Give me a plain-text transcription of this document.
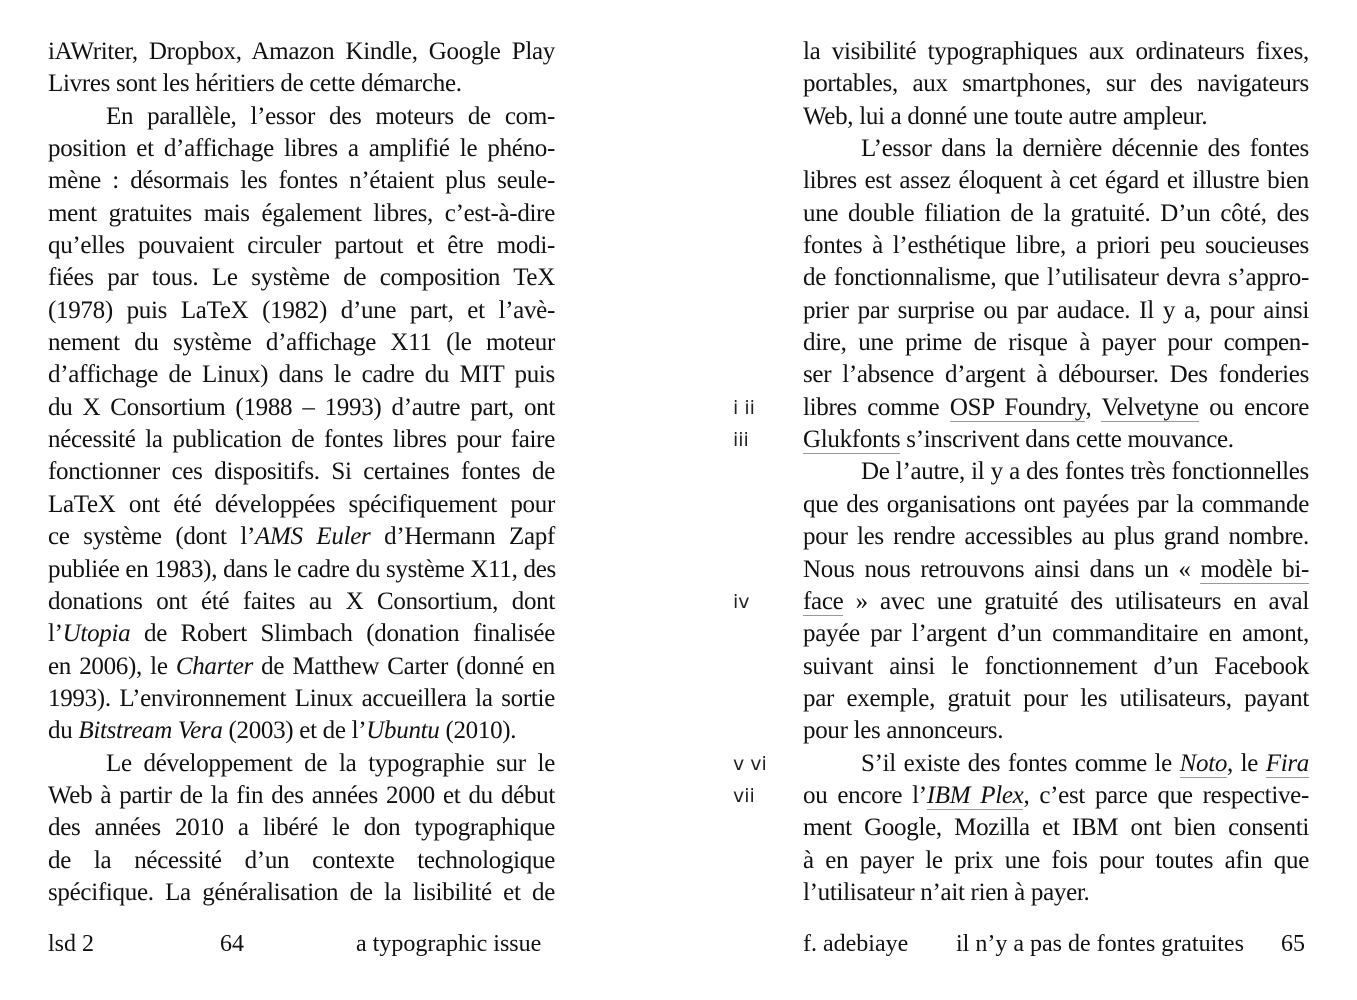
iAWriter, Dropbox, Amazon Kindle, Google Play
Livres sont les héritiers de cette démarche.
En parallèle, l’essor des moteurs de com-
position et d’affichage libres a amplifié le phéno-
mène : désormais les fontes n’étaient plus seule-
ment gratuites mais également libres, c’est-à-dire
qu’elles pouvaient circuler partout et être modi-
fiées par tous. Le système de composition TeX
(1978) puis LaTeX (1982) d’une part, et l’avè-
nement du système d’affichage X11 (le moteur
d’affichage de Linux) dans le cadre du MIT puis
du X Consortium (1988 – 1993) d’autre part, ont
nécessité la publication de fontes libres pour faire
fonctionner ces dispositifs. Si certaines fontes de
LaTeX ont été développées spécifiquement pour
ce système (dont l’AMS Euler d’Hermann Zapf
publiée en 1983), dans le cadre du système X11, des
donations ont été faites au X Consortium, dont
l’Utopia de Robert Slimbach (donation finalisée
en 2006), le Charter de Matthew Carter (donné en
1993). L’environnement Linux accueillera la sortie
du Bitstream Vera (2003) et de l’Ubuntu (2010).
Le développement de la typographie sur le
Web à partir de la fin des années 2000 et du début
des années 2010 a libéré le don typographique
de la nécessité d’un contexte technologique
spécifique. La généralisation de la lisibilité et de
la visibilité typographiques aux ordinateurs fixes,
portables, aux smartphones, sur des navigateurs
Web, lui a donné une toute autre ampleur.
L’essor dans la dernière décennie des fontes
libres est assez éloquent à cet égard et illustre bien
une double filiation de la gratuité. D’un côté, des
fontes à l’esthétique libre, a priori peu soucieuses
de fonctionnalisme, que l’utilisateur devra s’appro-
prier par surprise ou par audace. Il y a, pour ainsi
dire, une prime de risque à payer pour compen-
ser l’absence d’argent à débourser. Des fonderies
libres comme OSP Foundry, Velvetyne ou encore
Glukfonts s’inscrivent dans cette mouvance.
De l’autre, il y a des fontes très fonctionnelles
que des organisations ont payées par la commande
pour les rendre accessibles au plus grand nombre.
Nous nous retrouvons ainsi dans un « modèle bi-
face » avec une gratuité des utilisateurs en aval
payée par l’argent d’un commanditaire en amont,
suivant ainsi le fonctionnement d’un Facebook
par exemple, gratuit pour les utilisateurs, payant
pour les annonceurs.
S’il existe des fontes comme le Noto, le Fira
ou encore l’IBM Plex, c’est parce que respective-
ment Google, Mozilla et IBM ont bien consenti
à en payer le prix une fois pour toutes afin que
l’utilisateur n’ait rien à payer.
i ii
iii
iv
v vi
vii
lsd 2	64	a typographic issue	f. adebiaye il n’y a pas de fontes gratuites 65
